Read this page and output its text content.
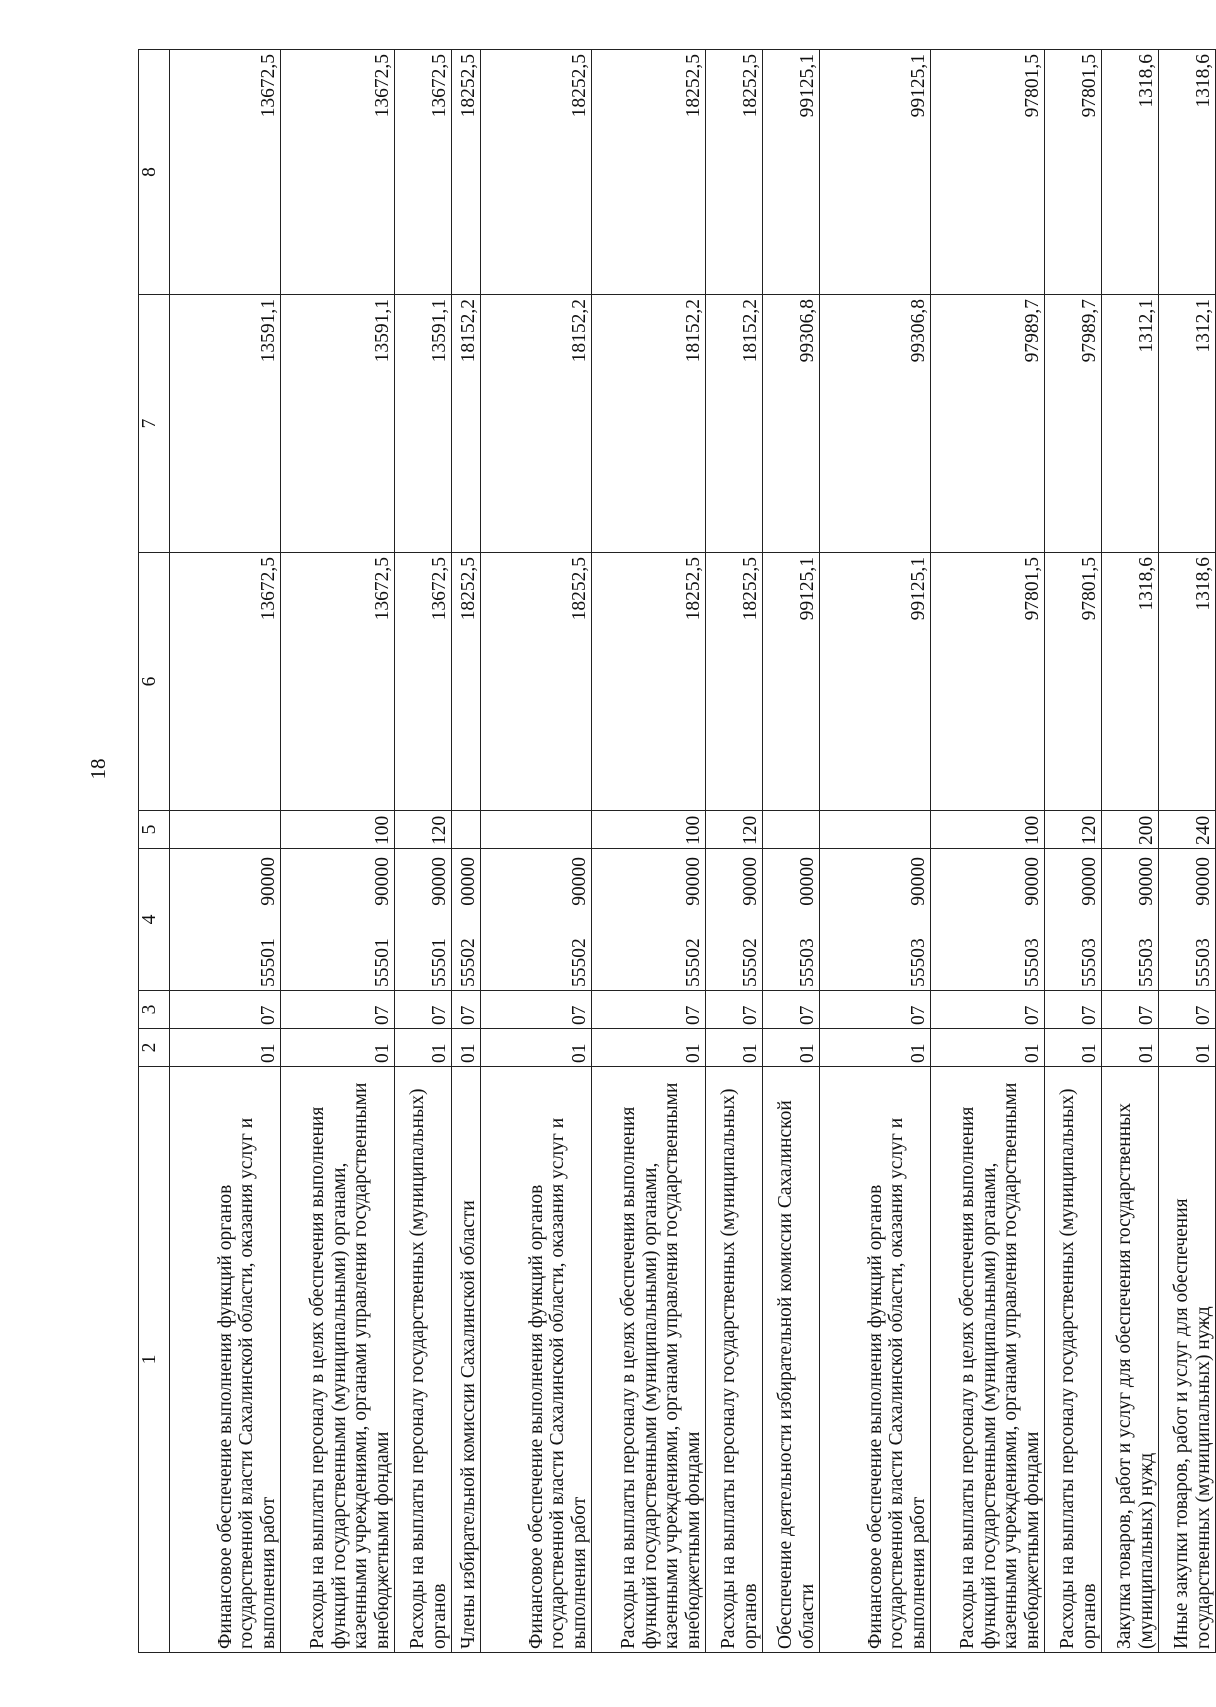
18
1	2	3	4		5	6	7	8
Финансовое обеспечение выполнения функций органов государственной власти Сахалинской области, оказания услуг и выполнения работ	01	07	55501	90000		13672,5	13591,1	13672,5
Расходы на выплаты персоналу в целях обеспечения выполнения функций государственными (муниципальными) органами, казенными учреждениями, органами управления государственными внебюджетными фондами	01	07	55501	90000	100	13672,5	13591,1	13672,5
Расходы на выплаты персоналу государственных (муниципальных) органов	01	07	55501	90000	120	13672,5	13591,1	13672,5
Члены избирательной комиссии Сахалинской области	01	07	55502	00000		18252,5	18152,2	18252,5
Финансовое обеспечение выполнения функций органов государственной власти Сахалинской области, оказания услуг и выполнения работ	01	07	55502	90000		18252,5	18152,2	18252,5
Расходы на выплаты персоналу в целях обеспечения выполнения функций государственными (муниципальными) органами, казенными учреждениями, органами управления государственными внебюджетными фондами	01	07	55502	90000	100	18252,5	18152,2	18252,5
Расходы на выплаты персоналу государственных (муниципальных) органов	01	07	55502	90000	120	18252,5	18152,2	18252,5
Обеспечение деятельности избирательной комиссии Сахалинской области	01	07	55503	00000		99125,1	99306,8	99125,1
Финансовое обеспечение выполнения функций органов государственной власти Сахалинской области, оказания услуг и выполнения работ	01	07	55503	90000		99125,1	99306,8	99125,1
Расходы на выплаты персоналу в целях обеспечения выполнения функций государственными (муниципальными) органами, казенными учреждениями, органами управления государственными внебюджетными фондами	01	07	55503	90000	100	97801,5	97989,7	97801,5
Расходы на выплаты персоналу государственных (муниципальных) органов	01	07	55503	90000	120	97801,5	97989,7	97801,5
Закупка товаров, работ и услуг для обеспечения государственных (муниципальных) нужд	01	07	55503	90000	200	1318,6	1312,1	1318,6
Иные закупки товаров, работ и услуг для обеспечения государственных (муниципальных) нужд	01	07	55503	90000	240	1318,6	1312,1	1318,6
